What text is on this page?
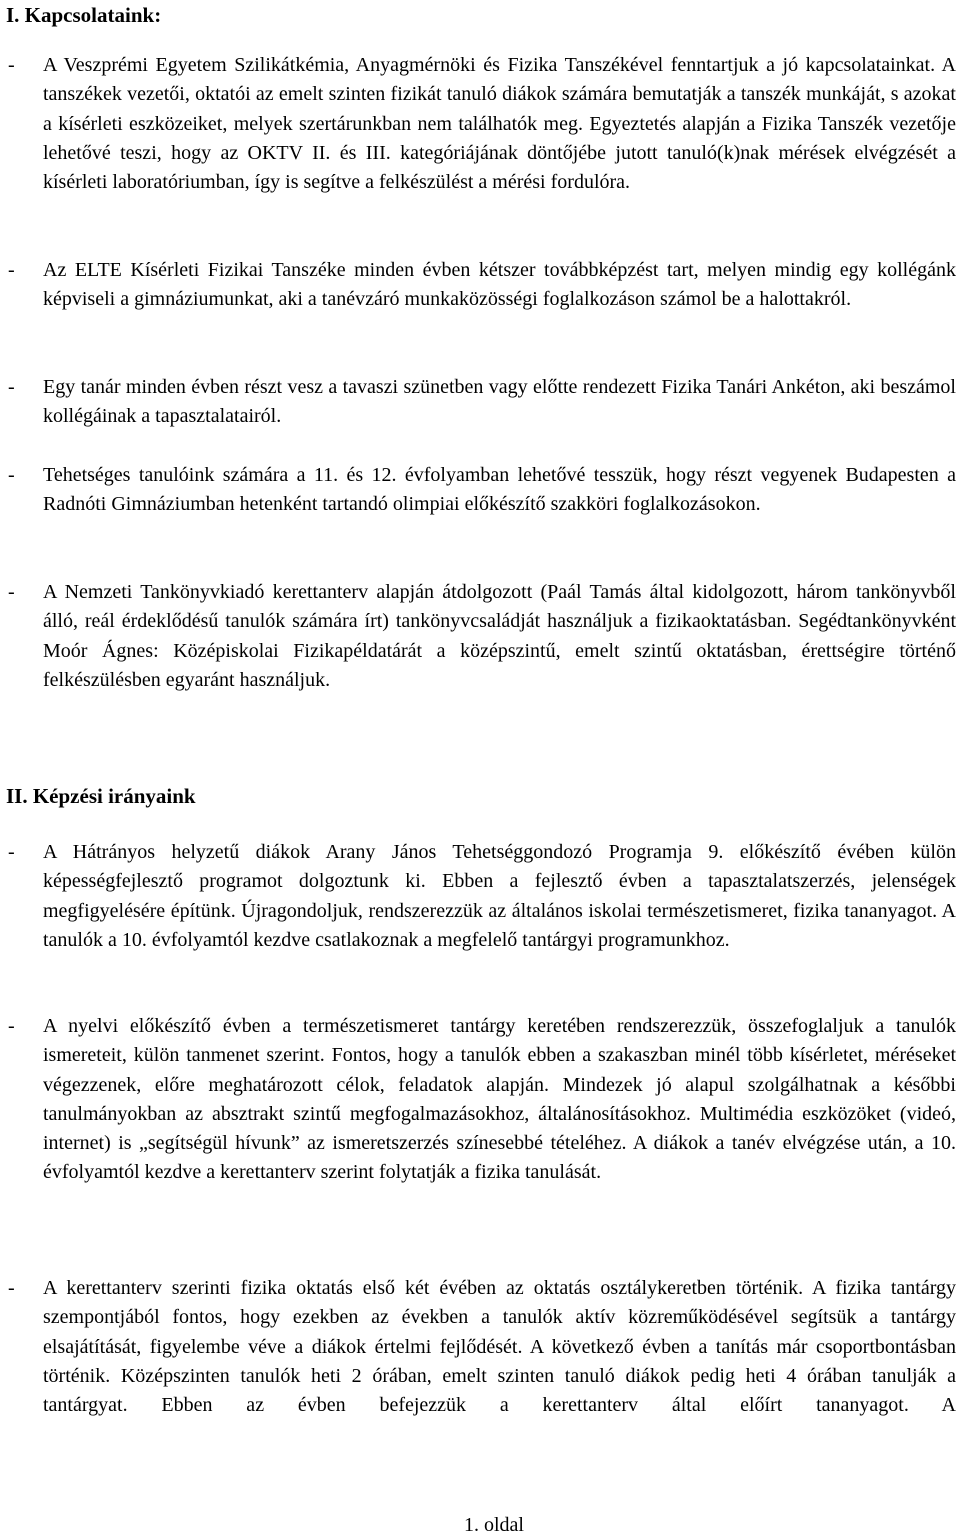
I. Kapcsolataink:
- A Veszprémi Egyetem Szilikátkémia, Anyagmérnöki és Fizika Tanszékével fenntartjuk a jó kapcsolatainkat. A tanszékek vezetői, oktatói az emelt szinten fizikát tanuló diákok számára bemutatják a tanszék munkáját, s azokat a kísérleti eszközeiket, melyek szertárunkban nem találhatók meg. Egyeztetés alapján a Fizika Tanszék vezetője lehetővé teszi, hogy az OKTV II. és III. kategóriájának döntőjébe jutott tanuló(k)nak mérések elvégzését a kísérleti laboratóriumban, így is segítve a felkészülést a mérési fordulóra.

- Az ELTE Kísérleti Fizikai Tanszéke minden évben kétszer továbbképzést tart, melyen mindig egy kollégánk képviseli a gimnáziumunkat, aki a tanévzáró munkaközösségi foglalkozáson számol be a halottakról.

- Egy tanár minden évben részt vesz a tavaszi szünetben vagy előtte rendezett Fizika Tanári Ankéton, aki beszámol kollégáinak a tapasztalatairól.

- Tehetséges tanulóink számára a 11. és 12. évfolyamban lehetővé tesszük, hogy részt vegyenek Budapesten a Radnóti Gimnáziumban hetenként tartandó olimpiai előkészítő szakköri foglalkozásokon.

- A Nemzeti Tankönyvkiadó kerettanterv alapján átdolgozott (Paál Tamás által kidolgozott, három tankönyvből álló, reál érdeklődésű tanulók számára írt) tankönyvcsaládját használjuk a fizikaoktatásban. Segédtankönyvként Moór Ágnes: Középiskolai Fizikapéldatárát a középszintű, emelt szintű oktatásban, érettségire történő felkészülésben egyaránt használjuk.

II. Képzési irányaink
- A Hátrányos helyzetű diákok Arany János Tehetséggondozó Programja 9. előkészítő évében külön képességfejlesztő programot dolgoztunk ki. Ebben a fejlesztő évben a tapasztalatszerzés, jelenségek megfigyelésére építünk. Újragondoljuk, rendszerezzük az általános iskolai természetismeret, fizika tananyagot. A tanulók a 10. évfolyamtól kezdve csatlakoznak a megfelelő tantárgyi programunkhoz.

- A nyelvi előkészítő évben a természetismeret tantárgy keretében rendszerezzük, összefoglaljuk a tanulók ismereteit, külön tanmenet szerint. Fontos, hogy a tanulók ebben a szakaszban minél több kísérletet, méréseket végezzenek, előre meghatározott célok, feladatok alapján. Mindezek jó alapul szolgálhatnak a későbbi tanulmányokban az absztrakt szintű megfogalmazásokhoz, általánosításokhoz. Multimédia eszközöket (videó, internet) is „segítségül hívunk” az ismeretszerzés színesebbé tételéhez. A diákok a tanév elvégzése után, a 10. évfolyamtól kezdve a kerettanterv szerint folytatják a fizika tanulását.

- A kerettanterv szerinti fizika oktatás első két évében az oktatás osztálykeretben történik. A fizika tantárgy szempontjából fontos, hogy ezekben az években a tanulók aktív közreműködésével segítsük a tantárgy elsajátítását, figyelembe véve a diákok értelmi fejlődését. A következő évben a tanítás már csoportbontásban történik. Középszinten tanulók heti 2 órában, emelt szinten tanuló diákok pedig heti 4 órában tanulják a tantárgyat. Ebben az évben befejezzük a kerettanterv által előírt tananyagot. A

1. oldal
